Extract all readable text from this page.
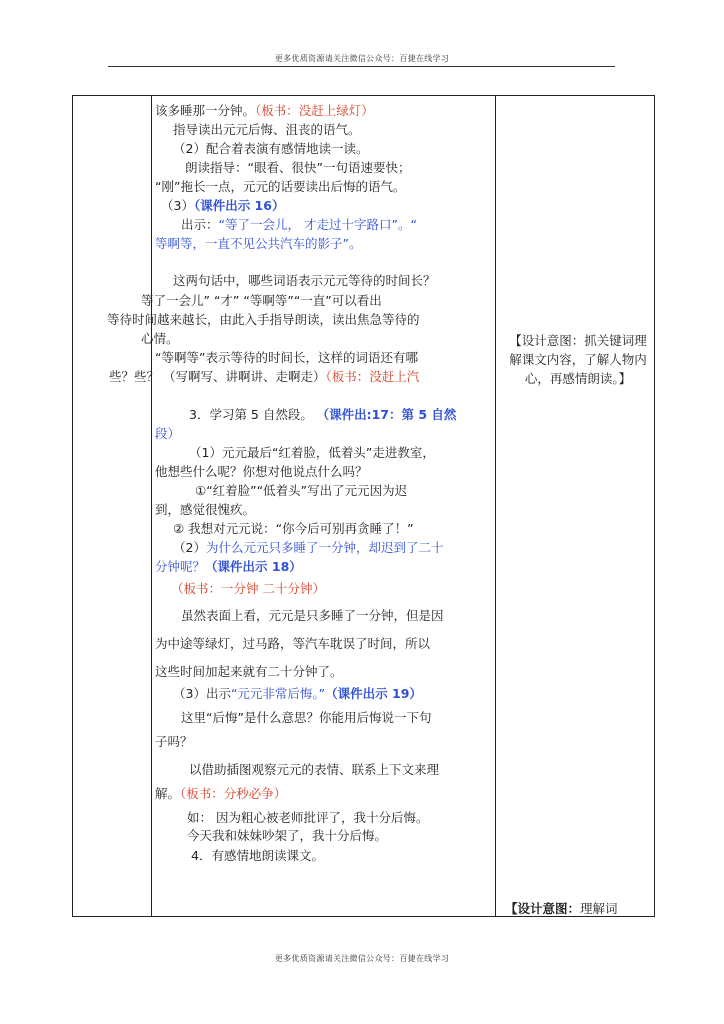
更多优质资源请关注微信公众号：百捷在线学习
该多睡那一分钟。（板书：没赶上绿灯）
指导读出元元后悔、沮丧的语气。
（2）配合着表演有感情地读一读。
朗读指导：“眼看、很快”一句语速要快；
“刚”拖长一点，元元的话要读出后悔的语气。
（3）（课件出示 16）
出示：“等了一会儿， 才走过十字路口”。“
等啊等，一直不见公共汽车的影子”。
这两句话中，哪些词语表示元元等待的时间长？
等了一会儿” “才” “等啊等”“一直”可以看出
等待时间越来越长，由此入手指导朗读，读出焦急等待的
心情。
“等啊等”表示等待的时间长，这样的词语还有哪
些？些？ （写啊写、讲啊讲、走啊走）（板书：没赶上汽
3．学习第 5 自然段。 （课件出:17：第 5 自然
段）
（1）元元最后“红着脸，低着头”走进教室，
他想些什么呢？你想对他说点什么吗？
①“红着脸”“低着头”写出了元元因为迟
到，感觉很愧疚。
② 我想对元元说：“你今后可别再贪睡了！”
（2）为什么元元只多睡了一分钟，却迟到了二十
分钟呢？（课件出示 18）
（板书：一分钟 二十分钟）
虽然表面上看，元元是只多睡了一分钟，但是因
为中途等绿灯，过马路，等汽车耽误了时间，所以
这些时间加起来就有二十分钟了。
（3）出示“元元非常后悔。”（课件出示 19）
这里“后悔”是什么意思？你能用后悔说一下句
子吗？
以借助插图观察元元的表情、联系上下文来理
解。（板书：分秒必争）
如： 因为粗心被老师批评了，我十分后悔。
今天我和妹妹吵架了，我十分后悔。
4．有感情地朗读课文。
【设计意图：抓关键词理解课文内容，了解人物内心，再感情朗读。】
【设计意图：理解词
更多优质资源请关注微信公众号：百捷在线学习
